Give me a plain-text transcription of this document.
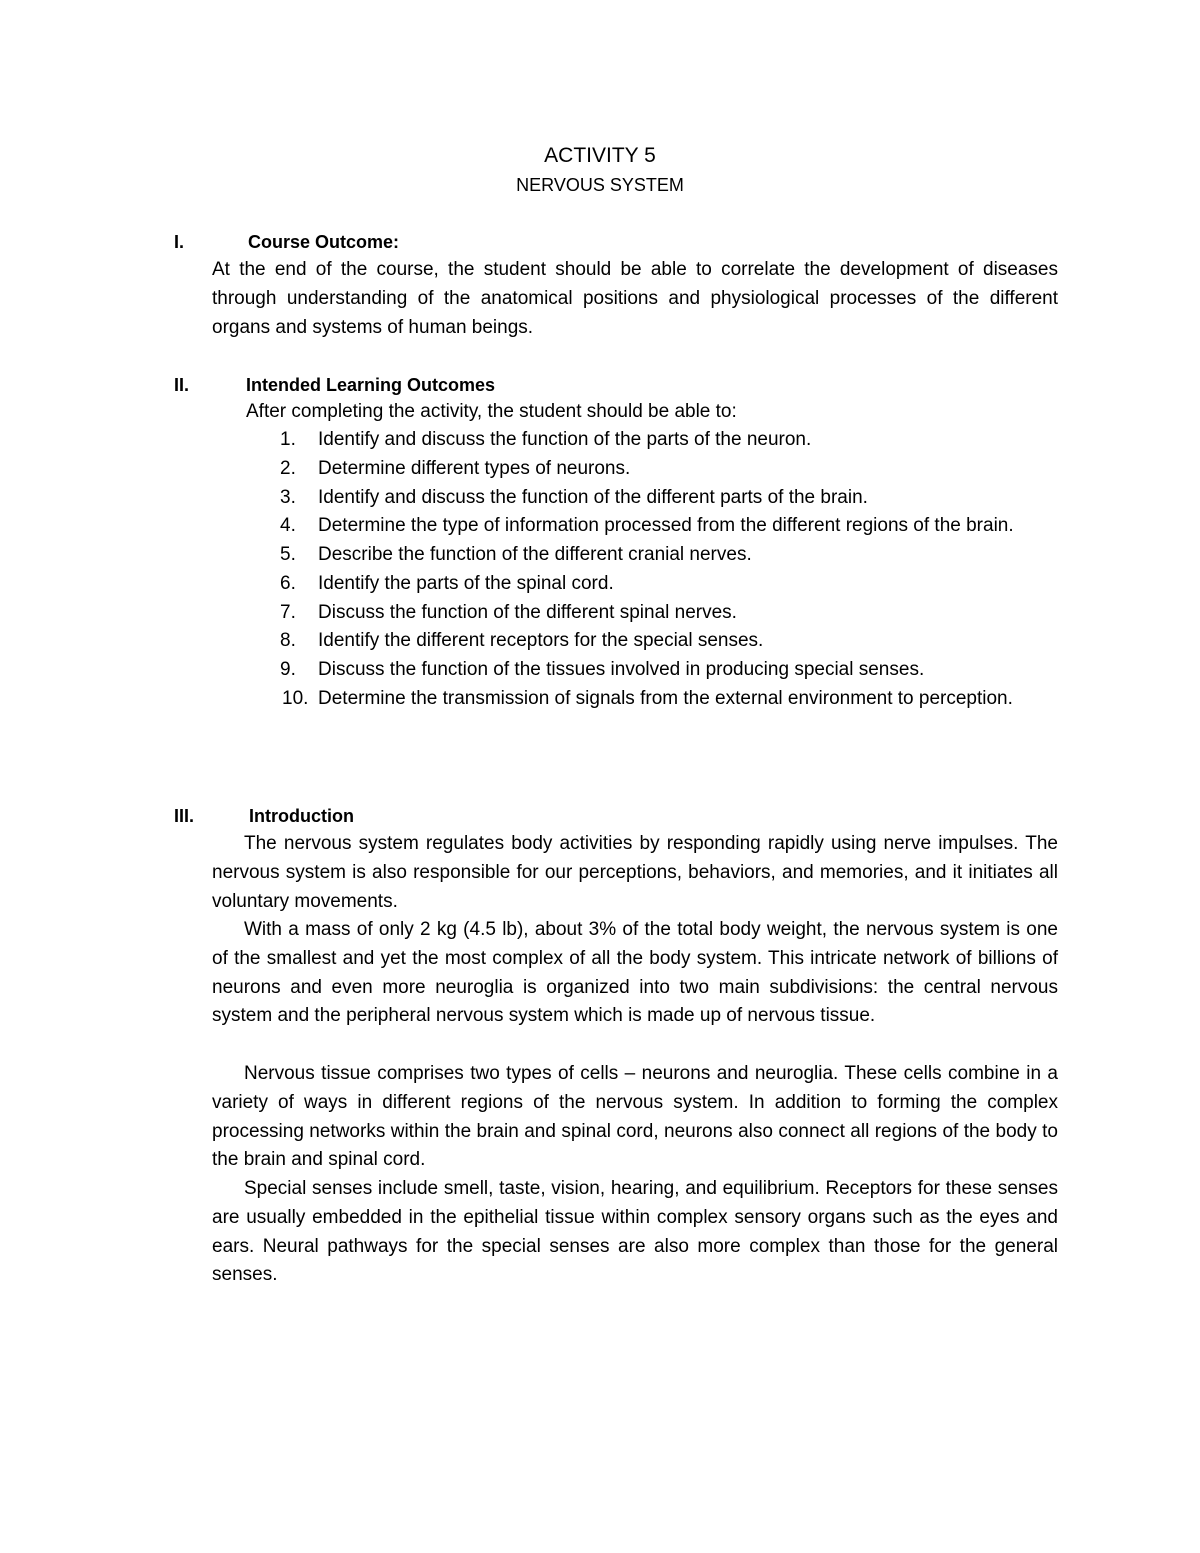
ACTIVITY 5
NERVOUS SYSTEM
I.	Course Outcome:

At the end of the course, the student should be able to correlate the development of diseases through understanding of the anatomical positions and physiological processes of the different organs and systems of human beings.

II.	Intended Learning Outcomes

After completing the activity, the student should be able to:

1. Identify and discuss the function of the parts of the neuron.
2. Determine different types of neurons.
3. Identify and discuss the function of the different parts of the brain.
4. Determine the type of information processed from the different regions of the brain.
5. Describe the function of the different cranial nerves.
6. Identify the parts of the spinal cord.
7. Discuss the function of the different spinal nerves.
8. Identify the different receptors for the special senses.
9. Discuss the function of the tissues involved in producing special senses.
10. Determine the transmission of signals from the external environment to perception.
III.	Introduction

The nervous system regulates body activities by responding rapidly using nerve impulses. The nervous system is also responsible for our perceptions, behaviors, and memories, and it initiates all voluntary movements.

With a mass of only 2 kg (4.5 lb), about 3% of the total body weight, the nervous system is one of the smallest and yet the most complex of all the body system. This intricate network of billions of neurons and even more neuroglia is organized into two main subdivisions: the central nervous system and the peripheral nervous system which is made up of nervous tissue.

Nervous tissue comprises two types of cells – neurons and neuroglia. These cells combine in a variety of ways in different regions of the nervous system. In addition to forming the complex processing networks within the brain and spinal cord, neurons also connect all regions of the body to the brain and spinal cord.

Special senses include smell, taste, vision, hearing, and equilibrium. Receptors for these senses are usually embedded in the epithelial tissue within complex sensory organs such as the eyes and ears. Neural pathways for the special senses are also more complex than those for the general senses.
